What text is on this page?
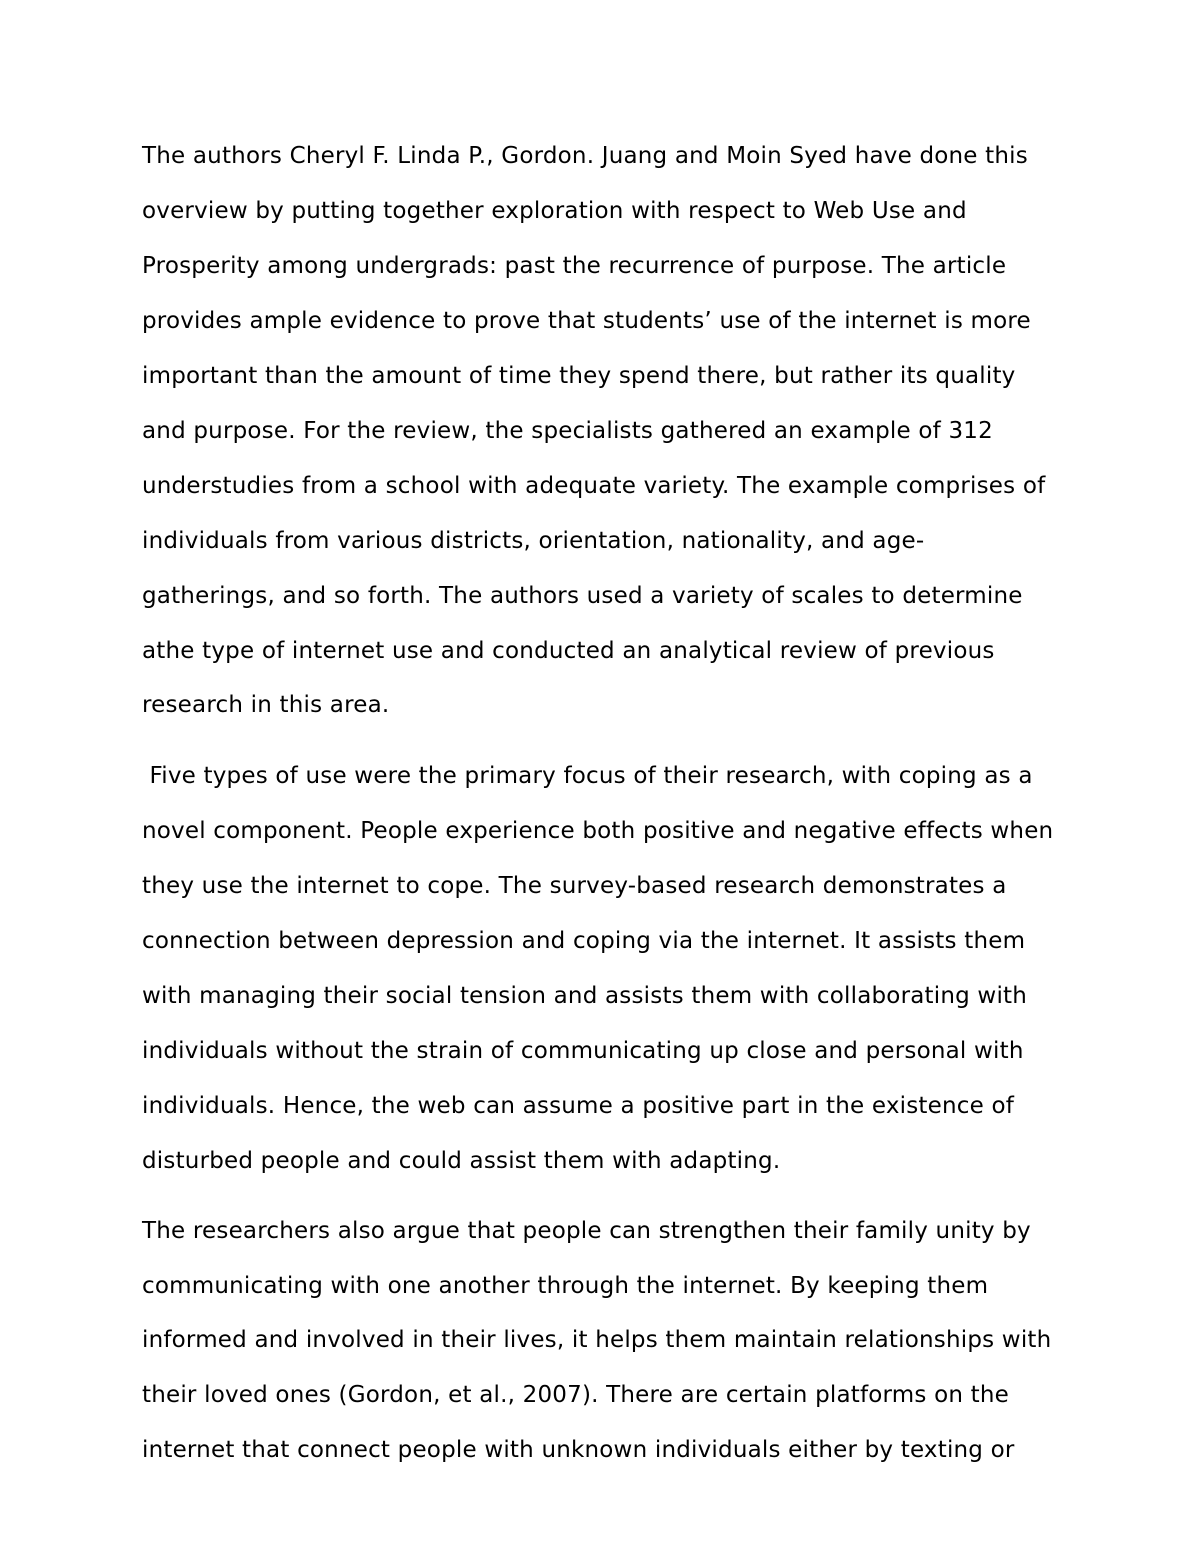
The authors Cheryl F. Linda P., Gordon. Juang and Moin Syed have done this
overview by putting together exploration with respect to Web Use and
Prosperity among undergrads: past the recurrence of purpose. The article
provides ample evidence to prove that students’ use of the internet is more
important than the amount of time they spend there, but rather its quality
and purpose. For the review, the specialists gathered an example of 312
understudies from a school with adequate variety. The example comprises of
individuals from various districts, orientation, nationality, and age-
gatherings, and so forth. The authors used a variety of scales to determine
athe type of internet use and conducted an analytical review of previous
research in this area.
Five types of use were the primary focus of their research, with coping as a
novel component. People experience both positive and negative effects when
they use the internet to cope. The survey-based research demonstrates a
connection between depression and coping via the internet. It assists them
with managing their social tension and assists them with collaborating with
individuals without the strain of communicating up close and personal with
individuals. Hence, the web can assume a positive part in the existence of
disturbed people and could assist them with adapting.
The researchers also argue that people can strengthen their family unity by
communicating with one another through the internet. By keeping them
informed and involved in their lives, it helps them maintain relationships with
their loved ones (Gordon, et al., 2007). There are certain platforms on the
internet that connect people with unknown individuals either by texting or
